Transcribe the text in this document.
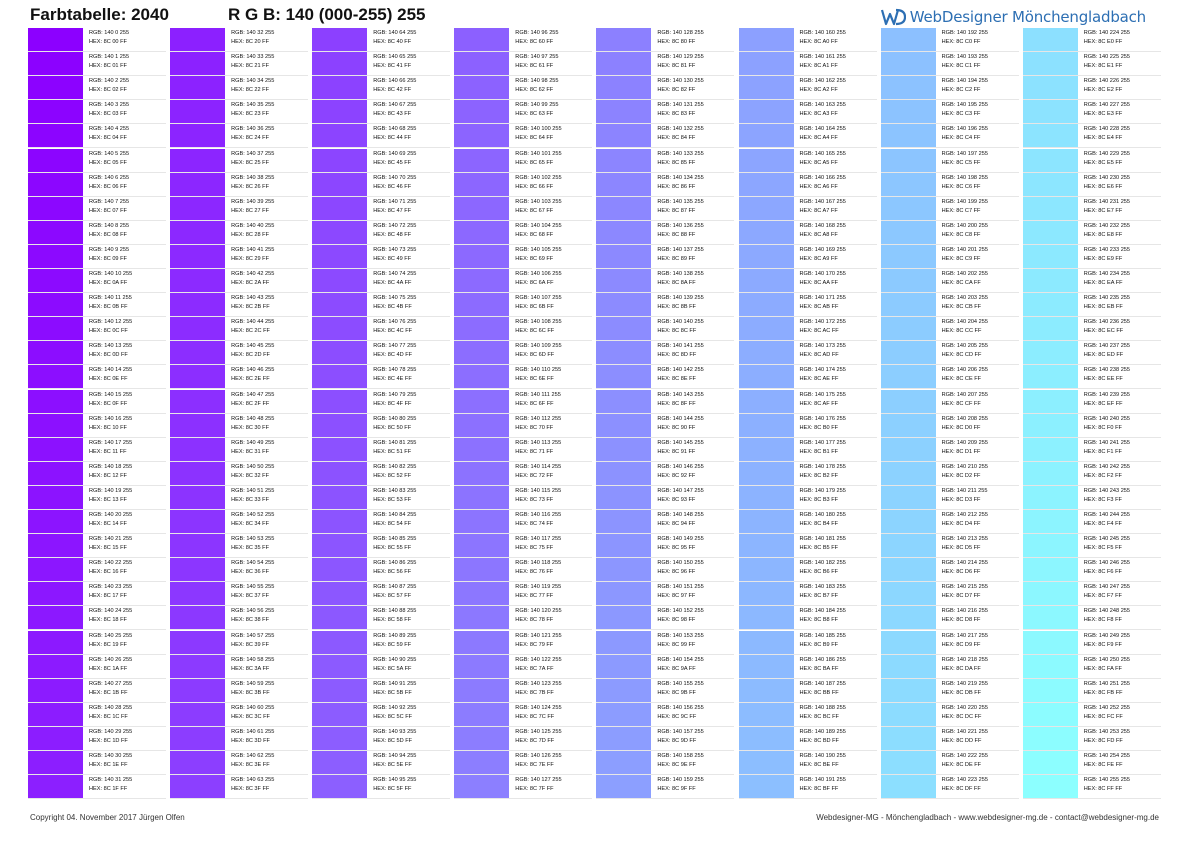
Farbtabelle: 2040	R G B: 140 (000-255) 255	WebDesigner Mönchengladbach
RGB: 140 0 255
HEX: 8C 00 FF
RGB: 140 1 255
HEX: 8C 01 FF
RGB: 140 2 255
HEX: 8C 02 FF
RGB: 140 3 255
HEX: 8C 03 FF
RGB: 140 4 255
HEX: 8C 04 FF
RGB: 140 5 255
HEX: 8C 05 FF
RGB: 140 6 255
HEX: 8C 06 FF
RGB: 140 7 255
HEX: 8C 07 FF
RGB: 140 8 255
HEX: 8C 08 FF
RGB: 140 9 255
HEX: 8C 09 FF
RGB: 140 10 255
HEX: 8C 0A FF
RGB: 140 11 255
HEX: 8C 0B FF
RGB: 140 12 255
HEX: 8C 0C FF
RGB: 140 13 255
HEX: 8C 0D FF
RGB: 140 14 255
HEX: 8C 0E FF
RGB: 140 15 255
HEX: 8C 0F FF
RGB: 140 16 255
HEX: 8C 10 FF
RGB: 140 17 255
HEX: 8C 11 FF
RGB: 140 18 255
HEX: 8C 12 FF
RGB: 140 19 255
HEX: 8C 13 FF
RGB: 140 20 255
HEX: 8C 14 FF
RGB: 140 21 255
HEX: 8C 15 FF
RGB: 140 22 255
HEX: 8C 16 FF
RGB: 140 23 255
HEX: 8C 17 FF
RGB: 140 24 255
HEX: 8C 18 FF
RGB: 140 25 255
HEX: 8C 19 FF
RGB: 140 26 255
HEX: 8C 1A FF
RGB: 140 27 255
HEX: 8C 1B FF
RGB: 140 28 255
HEX: 8C 1C FF
RGB: 140 29 255
HEX: 8C 1D FF
RGB: 140 30 255
HEX: 8C 1E FF
RGB: 140 31 255
HEX: 8C 1F FF
RGB: 140 32 255
HEX: 8C 20 FF
RGB: 140 33 255
HEX: 8C 21 FF
RGB: 140 34 255
HEX: 8C 22 FF
RGB: 140 35 255
HEX: 8C 23 FF
RGB: 140 36 255
HEX: 8C 24 FF
RGB: 140 37 255
HEX: 8C 25 FF
RGB: 140 38 255
HEX: 8C 26 FF
RGB: 140 39 255
HEX: 8C 27 FF
RGB: 140 40 255
HEX: 8C 28 FF
RGB: 140 41 255
HEX: 8C 29 FF
RGB: 140 42 255
HEX: 8C 2A FF
RGB: 140 43 255
HEX: 8C 2B FF
RGB: 140 44 255
HEX: 8C 2C FF
RGB: 140 45 255
HEX: 8C 2D FF
RGB: 140 46 255
HEX: 8C 2E FF
RGB: 140 47 255
HEX: 8C 2F FF
RGB: 140 48 255
HEX: 8C 30 FF
RGB: 140 49 255
HEX: 8C 31 FF
RGB: 140 50 255
HEX: 8C 32 FF
RGB: 140 51 255
HEX: 8C 33 FF
RGB: 140 52 255
HEX: 8C 34 FF
RGB: 140 53 255
HEX: 8C 35 FF
RGB: 140 54 255
HEX: 8C 36 FF
RGB: 140 55 255
HEX: 8C 37 FF
RGB: 140 56 255
HEX: 8C 38 FF
RGB: 140 57 255
HEX: 8C 39 FF
RGB: 140 58 255
HEX: 8C 3A FF
RGB: 140 59 255
HEX: 8C 3B FF
RGB: 140 60 255
HEX: 8C 3C FF
RGB: 140 61 255
HEX: 8C 3D FF
RGB: 140 62 255
HEX: 8C 3E FF
RGB: 140 63 255
HEX: 8C 3F FF
RGB: 140 64 255
HEX: 8C 40 FF
RGB: 140 65 255
HEX: 8C 41 FF
RGB: 140 66 255
HEX: 8C 42 FF
RGB: 140 67 255
HEX: 8C 43 FF
RGB: 140 68 255
HEX: 8C 44 FF
RGB: 140 69 255
HEX: 8C 45 FF
RGB: 140 70 255
HEX: 8C 46 FF
RGB: 140 71 255
HEX: 8C 47 FF
RGB: 140 72 255
HEX: 8C 48 FF
RGB: 140 73 255
HEX: 8C 49 FF
RGB: 140 74 255
HEX: 8C 4A FF
RGB: 140 75 255
HEX: 8C 4B FF
RGB: 140 76 255
HEX: 8C 4C FF
RGB: 140 77 255
HEX: 8C 4D FF
RGB: 140 78 255
HEX: 8C 4E FF
RGB: 140 79 255
HEX: 8C 4F FF
RGB: 140 80 255
HEX: 8C 50 FF
RGB: 140 81 255
HEX: 8C 51 FF
RGB: 140 82 255
HEX: 8C 52 FF
RGB: 140 83 255
HEX: 8C 53 FF
RGB: 140 84 255
HEX: 8C 54 FF
RGB: 140 85 255
HEX: 8C 55 FF
RGB: 140 86 255
HEX: 8C 56 FF
RGB: 140 87 255
HEX: 8C 57 FF
RGB: 140 88 255
HEX: 8C 58 FF
RGB: 140 89 255
HEX: 8C 59 FF
RGB: 140 90 255
HEX: 8C 5A FF
RGB: 140 91 255
HEX: 8C 5B FF
RGB: 140 92 255
HEX: 8C 5C FF
RGB: 140 93 255
HEX: 8C 5D FF
RGB: 140 94 255
HEX: 8C 5E FF
RGB: 140 95 255
HEX: 8C 5F FF
RGB: 140 96 255
HEX: 8C 60 FF
RGB: 140 97 255
HEX: 8C 61 FF
RGB: 140 98 255
HEX: 8C 62 FF
RGB: 140 99 255
HEX: 8C 63 FF
RGB: 140 100 255
HEX: 8C 64 FF
RGB: 140 101 255
HEX: 8C 65 FF
RGB: 140 102 255
HEX: 8C 66 FF
RGB: 140 103 255
HEX: 8C 67 FF
RGB: 140 104 255
HEX: 8C 68 FF
RGB: 140 105 255
HEX: 8C 69 FF
RGB: 140 106 255
HEX: 8C 6A FF
RGB: 140 107 255
HEX: 8C 6B FF
RGB: 140 108 255
HEX: 8C 6C FF
RGB: 140 109 255
HEX: 8C 6D FF
RGB: 140 110 255
HEX: 8C 6E FF
RGB: 140 111 255
HEX: 8C 6F FF
RGB: 140 112 255
HEX: 8C 70 FF
RGB: 140 113 255
HEX: 8C 71 FF
RGB: 140 114 255
HEX: 8C 72 FF
RGB: 140 115 255
HEX: 8C 73 FF
RGB: 140 116 255
HEX: 8C 74 FF
RGB: 140 117 255
HEX: 8C 75 FF
RGB: 140 118 255
HEX: 8C 76 FF
RGB: 140 119 255
HEX: 8C 77 FF
RGB: 140 120 255
HEX: 8C 78 FF
RGB: 140 121 255
HEX: 8C 79 FF
RGB: 140 122 255
HEX: 8C 7A FF
RGB: 140 123 255
HEX: 8C 7B FF
RGB: 140 124 255
HEX: 8C 7C FF
RGB: 140 125 255
HEX: 8C 7D FF
RGB: 140 126 255
HEX: 8C 7E FF
RGB: 140 127 255
HEX: 8C 7F FF
RGB: 140 128 255
HEX: 8C 80 FF
RGB: 140 129 255
HEX: 8C 81 FF
RGB: 140 130 255
HEX: 8C 82 FF
RGB: 140 131 255
HEX: 8C 83 FF
RGB: 140 132 255
HEX: 8C 84 FF
RGB: 140 133 255
HEX: 8C 85 FF
RGB: 140 134 255
HEX: 8C 86 FF
RGB: 140 135 255
HEX: 8C 87 FF
RGB: 140 136 255
HEX: 8C 88 FF
RGB: 140 137 255
HEX: 8C 89 FF
RGB: 140 138 255
HEX: 8C 8A FF
RGB: 140 139 255
HEX: 8C 8B FF
RGB: 140 140 255
HEX: 8C 8C FF
RGB: 140 141 255
HEX: 8C 8D FF
RGB: 140 142 255
HEX: 8C 8E FF
RGB: 140 143 255
HEX: 8C 8F FF
RGB: 140 144 255
HEX: 8C 90 FF
RGB: 140 145 255
HEX: 8C 91 FF
RGB: 140 146 255
HEX: 8C 92 FF
RGB: 140 147 255
HEX: 8C 93 FF
RGB: 140 148 255
HEX: 8C 94 FF
RGB: 140 149 255
HEX: 8C 95 FF
RGB: 140 150 255
HEX: 8C 96 FF
RGB: 140 151 255
HEX: 8C 97 FF
RGB: 140 152 255
HEX: 8C 98 FF
RGB: 140 153 255
HEX: 8C 99 FF
RGB: 140 154 255
HEX: 8C 9A FF
RGB: 140 155 255
HEX: 8C 9B FF
RGB: 140 156 255
HEX: 8C 9C FF
RGB: 140 157 255
HEX: 8C 9D FF
RGB: 140 158 255
HEX: 8C 9E FF
RGB: 140 159 255
HEX: 8C 9F FF
RGB: 140 160 255
HEX: 8C A0 FF
RGB: 140 161 255
HEX: 8C A1 FF
RGB: 140 162 255
HEX: 8C A2 FF
RGB: 140 163 255
HEX: 8C A3 FF
RGB: 140 164 255
HEX: 8C A4 FF
RGB: 140 165 255
HEX: 8C A5 FF
RGB: 140 166 255
HEX: 8C A6 FF
RGB: 140 167 255
HEX: 8C A7 FF
RGB: 140 168 255
HEX: 8C A8 FF
RGB: 140 169 255
HEX: 8C A9 FF
RGB: 140 170 255
HEX: 8C AA FF
RGB: 140 171 255
HEX: 8C AB FF
RGB: 140 172 255
HEX: 8C AC FF
RGB: 140 173 255
HEX: 8C AD FF
RGB: 140 174 255
HEX: 8C AE FF
RGB: 140 175 255
HEX: 8C AF FF
RGB: 140 176 255
HEX: 8C B0 FF
RGB: 140 177 255
HEX: 8C B1 FF
RGB: 140 178 255
HEX: 8C B2 FF
RGB: 140 179 255
HEX: 8C B3 FF
RGB: 140 180 255
HEX: 8C B4 FF
RGB: 140 181 255
HEX: 8C B5 FF
RGB: 140 182 255
HEX: 8C B6 FF
RGB: 140 183 255
HEX: 8C B7 FF
RGB: 140 184 255
HEX: 8C B8 FF
RGB: 140 185 255
HEX: 8C B9 FF
RGB: 140 186 255
HEX: 8C BA FF
RGB: 140 187 255
HEX: 8C BB FF
RGB: 140 188 255
HEX: 8C BC FF
RGB: 140 189 255
HEX: 8C BD FF
RGB: 140 190 255
HEX: 8C BE FF
RGB: 140 191 255
HEX: 8C BF FF
RGB: 140 192 255
HEX: 8C C0 FF
RGB: 140 193 255
HEX: 8C C1 FF
RGB: 140 194 255
HEX: 8C C2 FF
RGB: 140 195 255
HEX: 8C C3 FF
RGB: 140 196 255
HEX: 8C C4 FF
RGB: 140 197 255
HEX: 8C C5 FF
RGB: 140 198 255
HEX: 8C C6 FF
RGB: 140 199 255
HEX: 8C C7 FF
RGB: 140 200 255
HEX: 8C C8 FF
RGB: 140 201 255
HEX: 8C C9 FF
RGB: 140 202 255
HEX: 8C CA FF
RGB: 140 203 255
HEX: 8C CB FF
RGB: 140 204 255
HEX: 8C CC FF
RGB: 140 205 255
HEX: 8C CD FF
RGB: 140 206 255
HEX: 8C CE FF
RGB: 140 207 255
HEX: 8C CF FF
RGB: 140 208 255
HEX: 8C D0 FF
RGB: 140 209 255
HEX: 8C D1 FF
RGB: 140 210 255
HEX: 8C D2 FF
RGB: 140 211 255
HEX: 8C D3 FF
RGB: 140 212 255
HEX: 8C D4 FF
RGB: 140 213 255
HEX: 8C D5 FF
RGB: 140 214 255
HEX: 8C D6 FF
RGB: 140 215 255
HEX: 8C D7 FF
RGB: 140 216 255
HEX: 8C D8 FF
RGB: 140 217 255
HEX: 8C D9 FF
RGB: 140 218 255
HEX: 8C DA FF
RGB: 140 219 255
HEX: 8C DB FF
RGB: 140 220 255
HEX: 8C DC FF
RGB: 140 221 255
HEX: 8C DD FF
RGB: 140 222 255
HEX: 8C DE FF
RGB: 140 223 255
HEX: 8C DF FF
RGB: 140 224 255
HEX: 8C E0 FF
RGB: 140 225 255
HEX: 8C E1 FF
RGB: 140 226 255
HEX: 8C E2 FF
RGB: 140 227 255
HEX: 8C E3 FF
RGB: 140 228 255
HEX: 8C E4 FF
RGB: 140 229 255
HEX: 8C E5 FF
RGB: 140 230 255
HEX: 8C E6 FF
RGB: 140 231 255
HEX: 8C E7 FF
RGB: 140 232 255
HEX: 8C E8 FF
RGB: 140 233 255
HEX: 8C E9 FF
RGB: 140 234 255
HEX: 8C EA FF
RGB: 140 235 255
HEX: 8C EB FF
RGB: 140 236 255
HEX: 8C EC FF
RGB: 140 237 255
HEX: 8C ED FF
RGB: 140 238 255
HEX: 8C EE FF
RGB: 140 239 255
HEX: 8C EF FF
RGB: 140 240 255
HEX: 8C F0 FF
RGB: 140 241 255
HEX: 8C F1 FF
RGB: 140 242 255
HEX: 8C F2 FF
RGB: 140 243 255
HEX: 8C F3 FF
RGB: 140 244 255
HEX: 8C F4 FF
RGB: 140 245 255
HEX: 8C F5 FF
RGB: 140 246 255
HEX: 8C F6 FF
RGB: 140 247 255
HEX: 8C F7 FF
RGB: 140 248 255
HEX: 8C F8 FF
RGB: 140 249 255
HEX: 8C F9 FF
RGB: 140 250 255
HEX: 8C FA FF
RGB: 140 251 255
HEX: 8C FB FF
RGB: 140 252 255
HEX: 8C FC FF
RGB: 140 253 255
HEX: 8C FD FF
RGB: 140 254 255
HEX: 8C FE FF
RGB: 140 255 255
HEX: 8C FF FF
Copyright 04. November 2017 Jürgen Olfen	Webdesigner-MG - Mönchengladbach - www.webdesigner-mg.de - contact@webdesigner-mg.de
